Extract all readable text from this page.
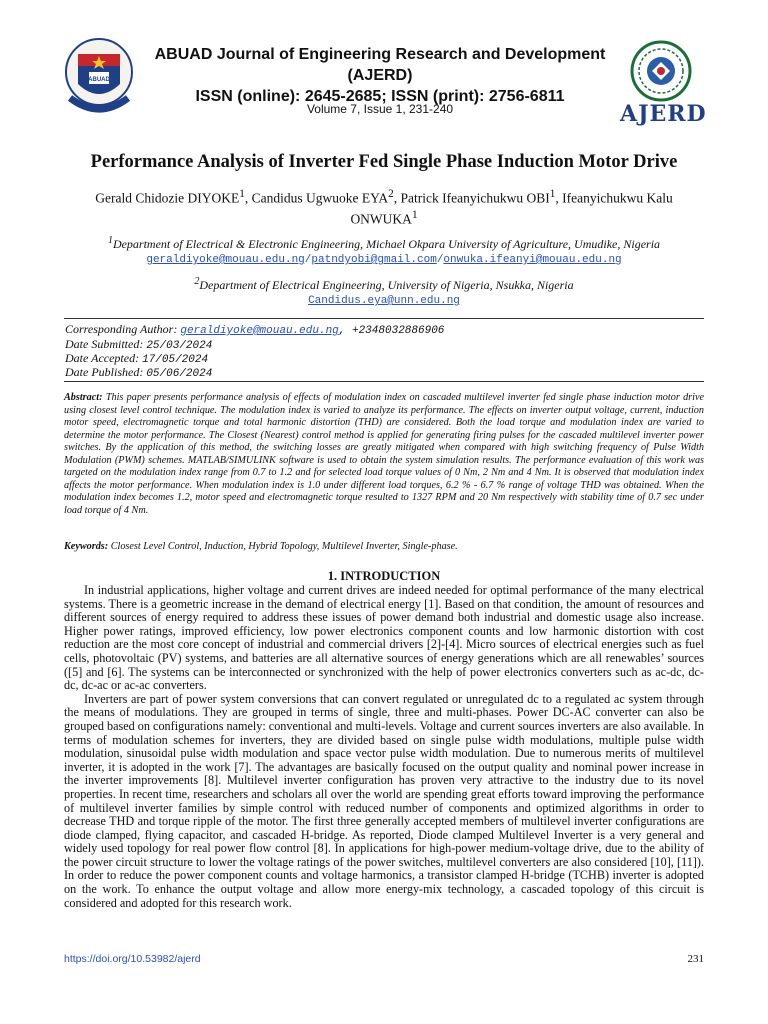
ABUAD
ABUAD Journal of Engineering Research and Development (AJERD)
ISSN (online): 2645-2685; ISSN (print): 2756-6811
Volume 7, Issue 1, 231-240	AJERD
Performance Analysis of Inverter Fed Single Phase Induction Motor Drive
Gerald Chidozie DIYOKE$^1$, Candidus Ugwuoke EYA$^2$, Patrick Ifeanyichukwu OBI$^1$, Ifeanyichukwu Kalu ONWUKA$^1$
$^1$Department of Electrical & Electronic Engineering, Michael Okpara University of Agriculture, Umudike, Nigeria
geraldiyoke@mouau.edu.ng/patndyobi@gmail.com/onwuka.ifeanyi@mouau.edu.ng
$^2$Department of Electrical Engineering, University of Nigeria, Nsukka, Nigeria
Candidus.eya@unn.edu.ng
Corresponding Author: geraldiyoke@mouau.edu.ng, +2348032886906
Date Submitted: 25/03/2024
Date Accepted: 17/05/2024
Date Published: 05/06/2024
Abstract: This paper presents performance analysis of effects of modulation index on cascaded multilevel inverter fed single phase induction motor drive using closest level control technique. The modulation index is varied to analyze its performance. The effects on inverter output voltage, current, induction motor speed, electromagnetic torque and total harmonic distortion (THD) are considered. Both the load torque and modulation index are varied to determine the motor performance. The Closest (Nearest) control method is applied for generating firing pulses for the cascaded multilevel inverter power switches. By the application of this method, the switching losses are greatly mitigated when compared with high switching frequency of Pulse Width Modulation (PWM) schemes. MATLAB/SIMULINK software is used to obtain the system simulation results. The performance evaluation of this work was targeted on the modulation index range from 0.7 to 1.2 and for selected load torque values of 0 Nm, 2 Nm and 4 Nm. It is observed that modulation index affects the motor performance. When modulation index is 1.0 under different load torques, 6.2 % - 6.7 % range of voltage THD was obtained. When the modulation index becomes 1.2, motor speed and electromagnetic torque resulted to 1327 RPM and 20 Nm respectively with stability time of 0.7 sec under load torque of 4 Nm.
Keywords: Closest Level Control, Induction, Hybrid Topology, Multilevel Inverter, Single-phase.
1. INTRODUCTION

In industrial applications, higher voltage and current drives are indeed needed for optimal performance of the many electrical systems. There is a geometric increase in the demand of electrical energy [1]. Based on that condition, the amount of resources and different sources of energy required to address these issues of power demand both industrial and domestic usage also increase. Higher power ratings, improved efficiency, low power electronics component counts and low harmonic distortion with cost reduction are the most core concept of industrial and commercial drivers [2]-[4]. Micro sources of electrical energies such as fuel cells, photovoltaic (PV) systems, and batteries are all alternative sources of energy generations which are all renewables’ sources ([5] and [6]. The systems can be interconnected or synchronized with the help of power electronics converters such as ac-dc, dc-dc, dc-ac or ac-ac converters.

Inverters are part of power system conversions that can convert regulated or unregulated dc to a regulated ac system through the means of modulations. They are grouped in terms of single, three and multi-phases. Power DC-AC converter can also be grouped based on configurations namely: conventional and multi-levels. Voltage and current sources inverters are also available. In terms of modulation schemes for inverters, they are divided based on single pulse width modulations, multiple pulse width modulation, sinusoidal pulse width modulation and space vector pulse width modulation. Due to numerous merits of multilevel inverter, it is adopted in the work [7]. The advantages are basically focused on the output quality and nominal power increase in the inverter improvements [8]. Multilevel inverter configuration has proven very attractive to the industry due to its novel properties. In recent time, researchers and scholars all over the world are spending great efforts toward improving the performance of multilevel inverter families by simple control with reduced number of components and optimized algorithms in order to decrease THD and torque ripple of the motor. The first three generally accepted members of multilevel inverter configurations are diode clamped, flying capacitor, and cascaded H-bridge. As reported, Diode clamped Multilevel Inverter is a very general and widely used topology for real power flow control [8]. In applications for high-power medium-voltage drive, due to the ability of the power circuit structure to lower the voltage ratings of the power switches, multilevel converters are also considered [10], [11]). In order to reduce the power component counts and voltage harmonics, a transistor clamped H-bridge (TCHB) inverter is adopted on the work. To enhance the output voltage and allow more energy-mix technology, a cascaded topology of this circuit is considered and adopted for this research work.

https://doi.org/10.53982/ajerd	231
